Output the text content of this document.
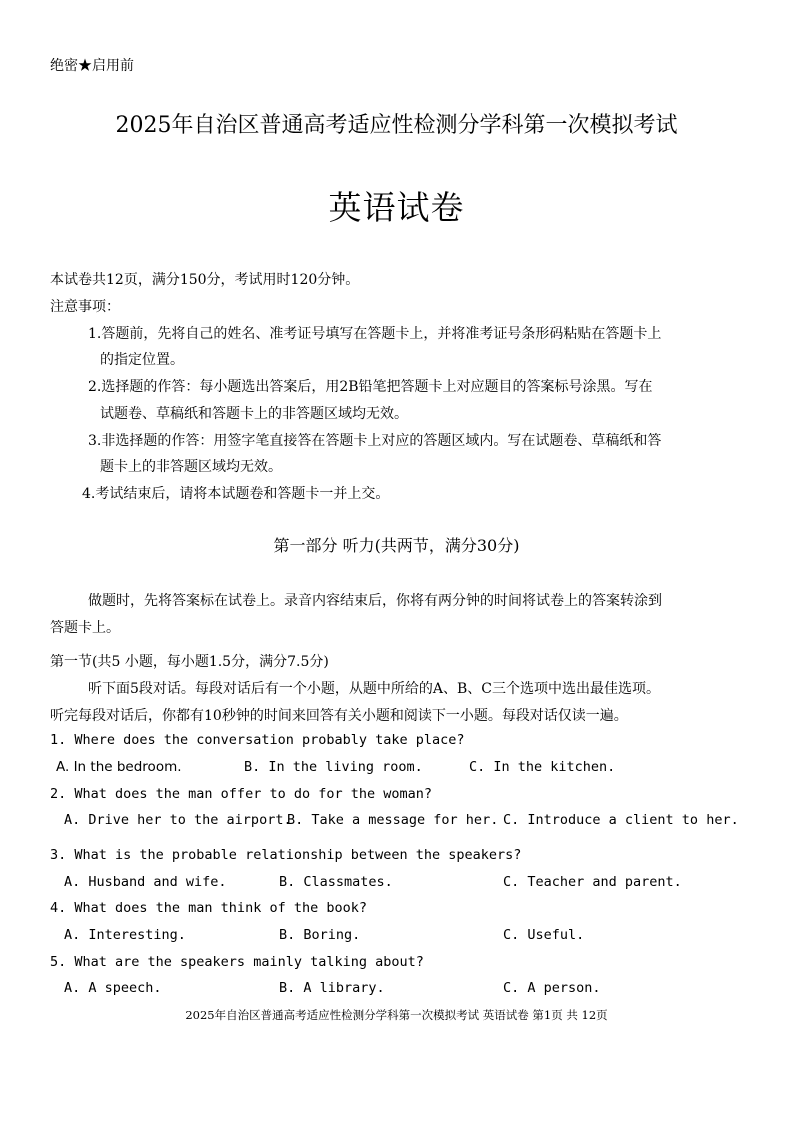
绝密★启用前
2025年自治区普通高考适应性检测分学科第一次模拟考试
英语试卷
本试卷共12页，满分150分，考试用时120分钟。
注意事项：
1.答题前，先将自己的姓名、准考证号填写在答题卡上，并将准考证号条形码粘贴在答题卡上
的指定位置。
2.选择题的作答：每小题选出答案后，用2B铅笔把答题卡上对应题目的答案标号涂黑。写在
试题卷、草稿纸和答题卡上的非答题区域均无效。
3.非选择题的作答：用签字笔直接答在答题卡上对应的答题区域内。写在试题卷、草稿纸和答
题卡上的非答题区域均无效。
4.考试结束后，请将本试题卷和答题卡一并上交。
第一部分 听力(共两节，满分30分)
做题时，先将答案标在试卷上。录音内容结束后，你将有两分钟的时间将试卷上的答案转涂到
答题卡上。
第一节(共5 小题，每小题1.5分，满分7.5分)
听下面5段对话。每段对话后有一个小题，从题中所给的A、B、C三个选项中选出最佳选项。
听完每段对话后，你都有10秒钟的时间来回答有关小题和阅读下一小题。每段对话仅读一遍。
1. Where does the conversation probably take place?
A. In the bedroom.	B. In the living room.	C. In the kitchen.
2. What does the man offer to do for the woman?
A. Drive her to the airport.
B. Take a message for her. C. Introduce a client to her.
3. What is the probable relationship between the speakers?
A. Husband and wife.	B. Classmates.	C. Teacher and parent.
4. What does the man think of the book?
A. Interesting.	B. Boring.	C. Useful.
5. What are the speakers mainly talking about?
A. A speech.	B. A library.	C. A person.
2025年自治区普通高考适应性检测分学科第一次模拟考试 英语试卷 第1页 共 12页
